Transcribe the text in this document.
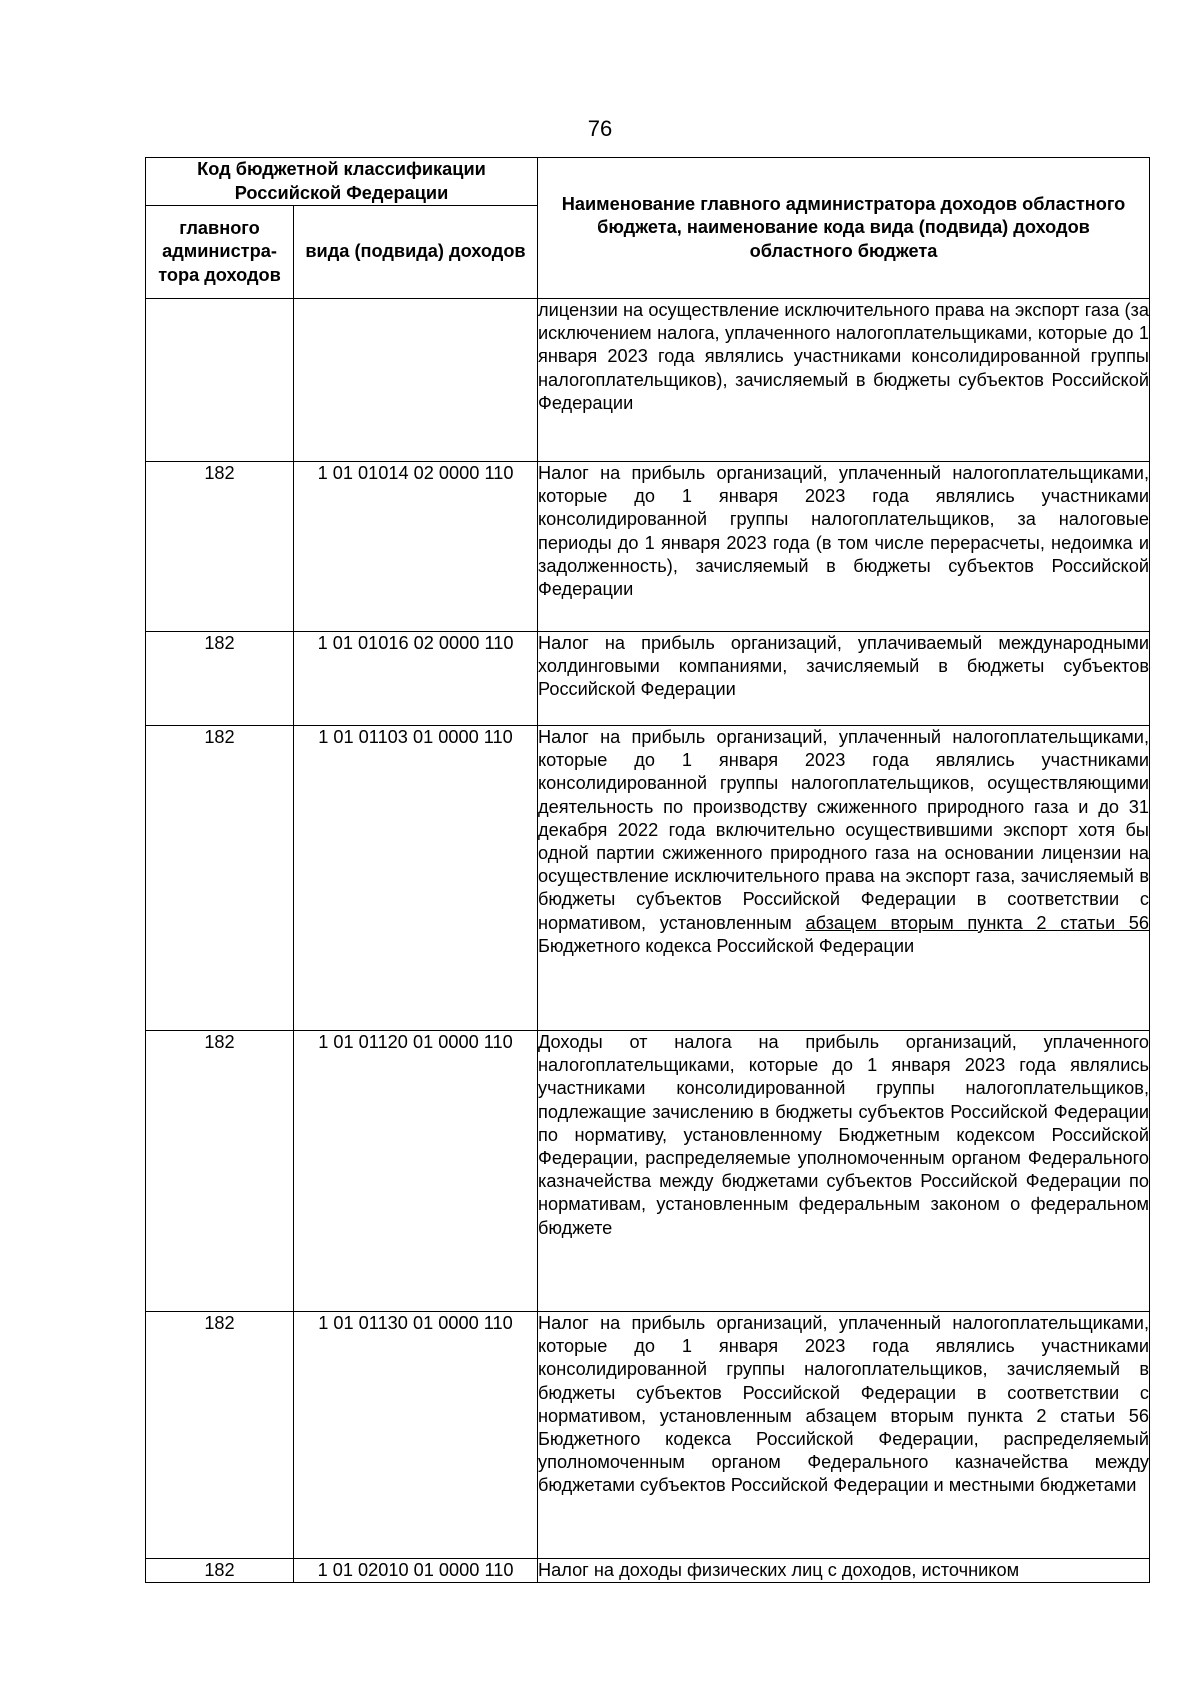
76
Код бюджетной классификации Российской Федерации		Наименование главного администратора доходов областного бюджета, наименование кода вида (подвида) доходов областного бюджета
главного администра-тора доходов	вида (подвида) доходов	
		лицензии на осуществление исключительного права на экспорт газа (за исключением налога, уплаченного налогоплательщиками, которые до 1 января 2023 года являлись участниками консолидированной группы налогоплательщиков), зачисляемый в бюджеты субъектов Российской Федерации
182	1 01 01014 02 0000 110	Налог на прибыль организаций, уплаченный налогоплательщиками, которые до 1 января 2023 года являлись участниками консолидированной группы налогоплательщиков, за налоговые периоды до 1 января 2023 года (в том числе перерасчеты, недоимка и задолженность), зачисляемый в бюджеты субъектов Российской Федерации
182	1 01 01016 02 0000 110	Налог на прибыль организаций, уплачиваемый международными холдинговыми компаниями, зачисляемый в бюджеты субъектов Российской Федерации
182	1 01 01103 01 0000 110	Налог на прибыль организаций, уплаченный налогоплательщиками, которые до 1 января 2023 года являлись участниками консолидированной группы налогоплательщиков, осуществляющими деятельность по производству сжиженного природного газа и до 31 декабря 2022 года включительно осуществившими экспорт хотя бы одной партии сжиженного природного газа на основании лицензии на осуществление исключительного права на экспорт газа, зачисляемый в бюджеты субъектов Российской Федерации в соответствии с нормативом, установленным абзацем вторым пункта 2 статьи 56 Бюджетного кодекса Российской Федерации
182	1 01 01120 01 0000 110	Доходы от налога на прибыль организаций, уплаченного налогоплательщиками, которые до 1 января 2023 года являлись участниками консолидированной группы налогоплательщиков, подлежащие зачислению в бюджеты субъектов Российской Федерации по нормативу, установленному Бюджетным кодексом Российской Федерации, распределяемые уполномоченным органом Федерального казначейства между бюджетами субъектов Российской Федерации по нормативам, установленным федеральным законом о федеральном бюджете
182	1 01 01130 01 0000 110	Налог на прибыль организаций, уплаченный налогоплательщиками, которые до 1 января 2023 года являлись участниками консолидированной группы налогоплательщиков, зачисляемый в бюджеты субъектов Российской Федерации в соответствии с нормативом, установленным абзацем вторым пункта 2 статьи 56 Бюджетного кодекса Российской Федерации, распределяемый уполномоченным органом Федерального казначейства между бюджетами субъектов Российской Федерации и местными бюджетами
182	1 01 02010 01 0000 110	Налог на доходы физических лиц с доходов, источником
